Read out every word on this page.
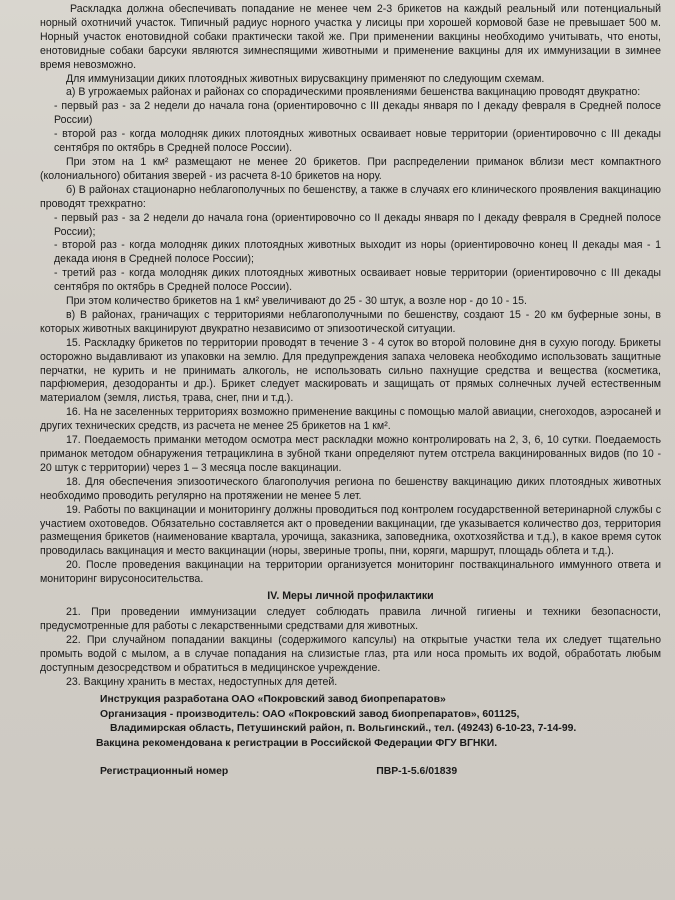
Раскладка должна обеспечивать попадание не менее чем 2-3 брикетов на каждый реальный или потенциальный норный охотничий участок. Типичный радиус норного участка у лисицы при хорошей кормовой базе не превышает 500 м. Норный участок енотовидной собаки практически такой же. При применении вакцины необходимо учитывать, что еноты, енотовидные собаки барсуки являются зимнеспящими животными и применение вакцины для их иммунизации в зимнее время невозможно.

Для иммунизации диких плотоядных животных вирусвакцину применяют по следующим схемам.

а) В угрожаемых районах и районах со спорадическими проявлениями бешенства вакцинацию проводят двукратно:

- первый раз - за 2 недели до начала гона (ориентировочно с III декады января по I декаду февраля в Средней полосе России)

- второй раз - когда молодняк диких плотоядных животных осваивает новые территории (ориентировочно с III декады сентября по октябрь в Средней полосе России).

При этом на 1 км² размещают не менее 20 брикетов. При распределении приманок вблизи мест компактного (колониального) обитания зверей - из расчета 8-10 брикетов на нору.

б) В районах стационарно неблагополучных по бешенству, а также в случаях его клинического проявления вакцинацию проводят трехкратно:

- первый раз - за 2 недели до начала гона (ориентировочно со II декады января по I декаду февраля в Средней полосе России);

- второй раз - когда молодняк диких плотоядных животных выходит из норы (ориентировочно конец II декады мая - 1 декада июня в Средней полосе России);

- третий раз - когда молодняк диких плотоядных животных осваивает новые территории (ориентировочно с III декады сентября по октябрь в Средней полосе России).

При этом количество брикетов на 1 км² увеличивают до 25 - 30 штук, а возле нор - до 10 - 15.

в) В районах, граничащих с территориями неблагополучными по бешенству, создают 15 - 20 км буферные зоны, в которых животных вакцинируют двукратно независимо от эпизоотической ситуации.

15. Раскладку брикетов по территории проводят в течение 3 - 4 суток во второй половине дня в сухую погоду. Брикеты осторожно выдавливают из упаковки на землю. Для предупреждения запаха человека необходимо использовать защитные перчатки, не курить и не принимать алкоголь, не использовать сильно пахнущие средства и вещества (косметика, парфюмерия, дезодоранты и др.). Брикет следует маскировать и защищать от прямых солнечных лучей естественным материалом (земля, листья, трава, снег, пни и т.д.).

16. На не заселенных территориях возможно применение вакцины с помощью малой авиации, снегоходов, аэросаней и других технических средств, из расчета не менее 25 брикетов на 1 км².

17. Поедаемость приманки методом осмотра мест раскладки можно контролировать на 2, 3, 6, 10 сутки. Поедаемость приманок методом обнаружения тетрациклина в зубной ткани определяют путем отстрела вакцинированных видов (по 10 - 20 штук с территории) через 1 – 3 месяца после вакцинации.

18. Для обеспечения эпизоотического благополучия региона по бешенству вакцинацию диких плотоядных животных необходимо проводить регулярно на протяжении не менее 5 лет.

19. Работы по вакцинации и мониторингу должны проводиться под контролем государственной ветеринарной службы с участием охотоведов. Обязательно составляется акт о проведении вакцинации, где указывается количество доз, территория размещения брикетов (наименование квартала, урочища, заказника, заповедника, охотхозяйства и т.д.), в какое время суток проводилась вакцинация и место вакцинации (норы, звериные тропы, пни, коряги, маршрут, площадь облета и т.д.).

20. После проведения вакцинации на территории организуется мониторинг поствакцинального иммунного ответа и мониторинг вирусоносительства.

IV. Меры личной профилактики

21. При проведении иммунизации следует соблюдать правила личной гигиены и техники безопасности, предусмотренные для работы с лекарственными средствами для животных.

22. При случайном попадании вакцины (содержимого капсулы) на открытые участки тела их следует тщательно промыть водой с мылом, а в случае попадания на слизистые глаз, рта или носа промыть их водой, обработать любым доступным дезосредством и обратиться в медицинское учреждение.

23. Вакцину хранить в местах, недоступных для детей.

Инструкция разработана ОАО «Покровский завод биопрепаратов»
Организация - производитель: ОАО «Покровский завод биопрепаратов», 601125,
Владимирская область, Петушинский район, п. Вольгинский., тел. (49243) 6-10-23, 7-14-99.
Вакцина рекомендована к регистрации в Российской Федерации ФГУ ВГНКИ.
Регистрационный номер	ПВР-1-5.6/01839
